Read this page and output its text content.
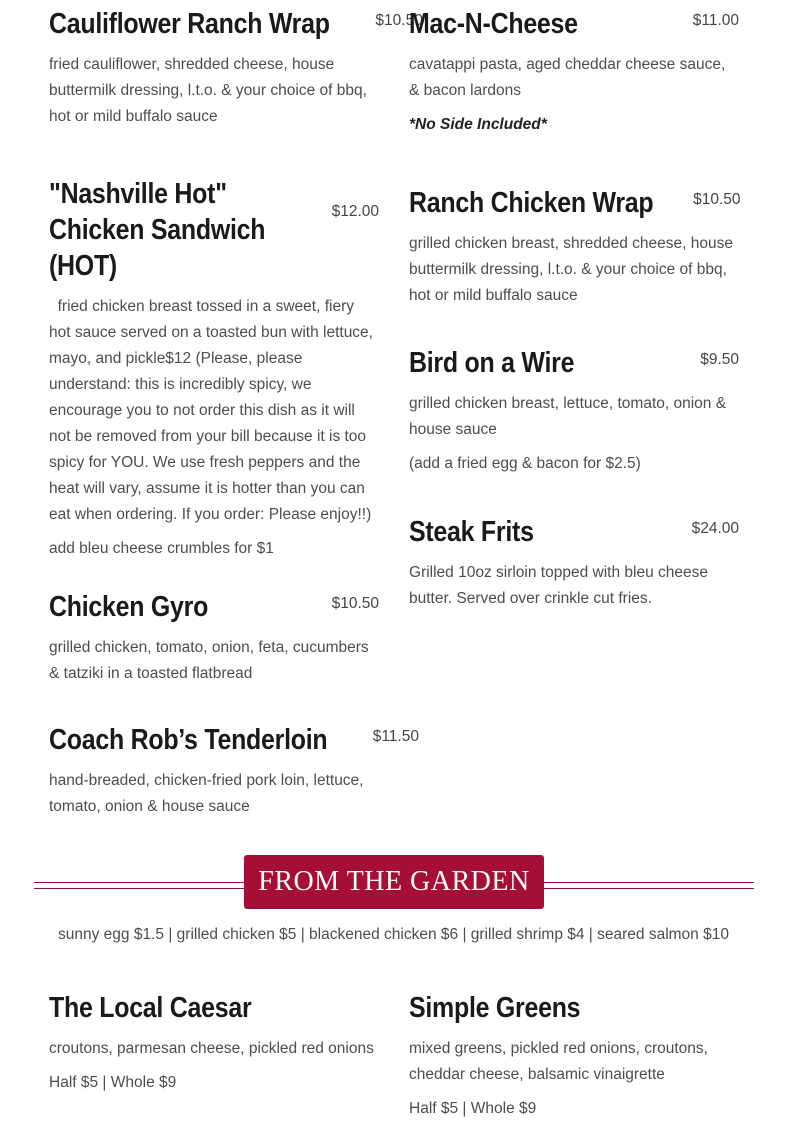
Cauliflower Ranch Wrap	$10.50
fried cauliflower, shredded cheese, house buttermilk dressing, l.t.o. & your choice of bbq, hot or mild buffalo sauce
"Nashville Hot" Chicken Sandwich (HOT)
$12.00
fried chicken breast tossed in a sweet, fiery hot sauce served on a toasted bun with lettuce, mayo, and pickle$12 (Please, please understand: this is incredibly spicy, we encourage you to not order this dish as it will not be removed from your bill because it is too spicy for YOU. We use fresh peppers and the heat will vary, assume it is hotter than you can eat when ordering. If you order: Please enjoy!!)
add bleu cheese crumbles for $1
Chicken Gyro	$10.50
grilled chicken, tomato, onion, feta, cucumbers & tatziki in a toasted flatbread
Coach Rob’s Tenderloin	$11.50
hand-breaded, chicken-fried pork loin, lettuce, tomato, onion & house sauce
Mac-N-Cheese	$11.00
cavatappi pasta, aged cheddar cheese sauce, & bacon lardons
*No Side Included*
Ranch Chicken Wrap	$10.50
grilled chicken breast, shredded cheese, house buttermilk dressing, l.t.o. & your choice of bbq, hot or mild buffalo sauce
Bird on a Wire	$9.50
grilled chicken breast, lettuce, tomato, onion & house sauce
(add a fried egg & bacon for $2.5)
Steak Frits	$24.00
Grilled 10oz sirloin topped with bleu cheese butter. Served over crinkle cut fries.
FROM THE GARDEN
sunny egg $1.5 | grilled chicken $5 | blackened chicken $6 | grilled shrimp $4 | seared salmon $10
The Local Caesar
croutons, parmesan cheese, pickled red onions
Half $5 | Whole $9
Simple Greens
mixed greens, pickled red onions, croutons, cheddar cheese, balsamic vinaigrette
Half $5 | Whole $9
